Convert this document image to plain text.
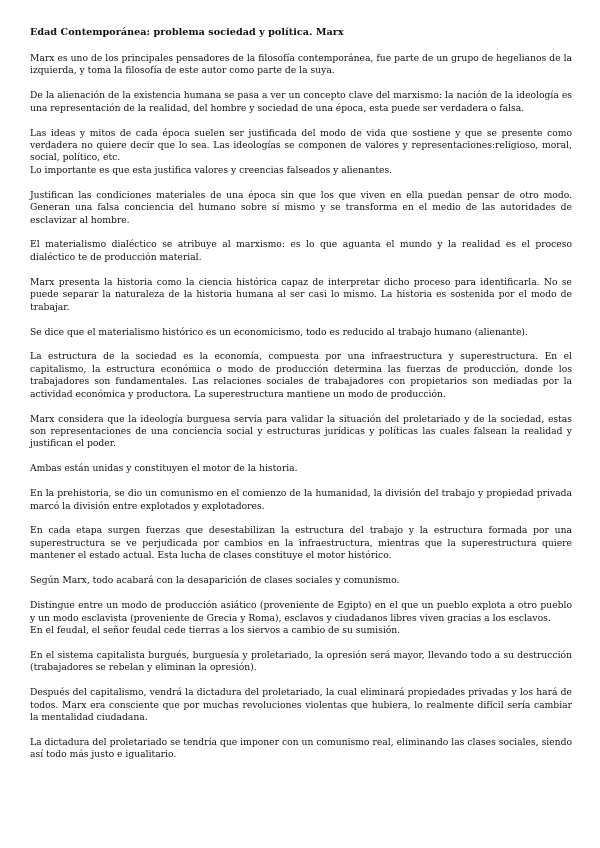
Edad Contemporánea: problema sociedad y política. Marx

Marx es uno de los principales pensadores de la filosofía contemporánea, fue parte de un grupo de hegelianos de la izquierda, y toma la filosofía de este autor como parte de la suya.

De la alienación de la existencia humana se pasa a ver un concepto clave del marxismo: la nación de la ideología es una representación de la realidad, del hombre y sociedad de una época, esta puede ser verdadera o falsa.

Las ideas y mitos de cada época suelen ser justificada del modo de vida que sostiene y que se presente como verdadera no quiere decir que lo sea. Las ideologías se componen de valores y representaciones:religioso, moral, social, político, etc.
Lo importante es que esta justifica valores y creencias falseados y alienantes.

Justifican las condiciones materiales de una época sin que los que viven en ella puedan pensar de otro modo. Generan una falsa conciencia del humano sobre sí mismo y se transforma en el medio de las autoridades de esclavizar al hombre.

El materialismo dialéctico se atribuye al marxismo: es lo que aguanta el mundo y la realidad es el proceso dialéctico te de producción material.

Marx presenta la historia como la ciencia histórica capaz de interpretar dicho proceso para identificarla. No se puede separar la naturaleza de la historia humana al ser casi lo mismo. La historia es sostenida por el modo de trabajar.

Se dice que el materialismo histórico es un economicismo, todo es reducido al trabajo humano (alienante).

La estructura de la sociedad es la economía, compuesta por una infraestructura y superestructura. En el capitalismo, la estructura económica o modo de producción determina las fuerzas de producción, donde los trabajadores son fundamentales. Las relaciones sociales de trabajadores con propietarios son mediadas por la actividad económica y productora. La superestructura mantiene un modo de producción.

Marx considera que la ideología burguesa servía para validar la situación del proletariado y de la sociedad, estas son representaciones de una conciencia social y estructuras jurídicas y políticas las cuales falsean la realidad y justifican el poder.

Ambas están unidas y constituyen el motor de la historia.

En la prehistoria, se dio un comunismo en el comienzo de la humanidad, la división del trabajo y propiedad privada marcó la división entre explotados y explotadores.

En cada etapa surgen fuerzas que desestabilizan la estructura del trabajo y la estructura formada por una superestructura se ve perjudicada por cambios en la infraestructura, mientras que la superestructura quiere mantener el estado actual. Esta lucha de clases constituye el motor histórico.

Según Marx, todo acabará con la desaparición de clases sociales y comunismo.

Distingue entre un modo de producción asiático (proveniente de Egipto) en el que un pueblo explota a otro pueblo y un modo esclavista (proveniente de Grecia y Roma), esclavos y ciudadanos libres viven gracias a los esclavos.
En el feudal, el señor feudal cede tierras a los siervos a cambio de su sumisión.

En el sistema capitalista burgués, burguesía y proletariado, la opresión será mayor, llevando todo a su destrucción (trabajadores se rebelan y eliminan la opresión).

Después del capitalismo, vendrá la dictadura del proletariado, la cual eliminará propiedades privadas y los hará de todos. Marx era consciente que por muchas revoluciones violentas que hubiera, lo realmente difícil sería cambiar la mentalidad ciudadana.

La dictadura del proletariado se tendría que imponer con un comunismo real, eliminando las clases sociales, siendo así todo más justo e igualitario.
